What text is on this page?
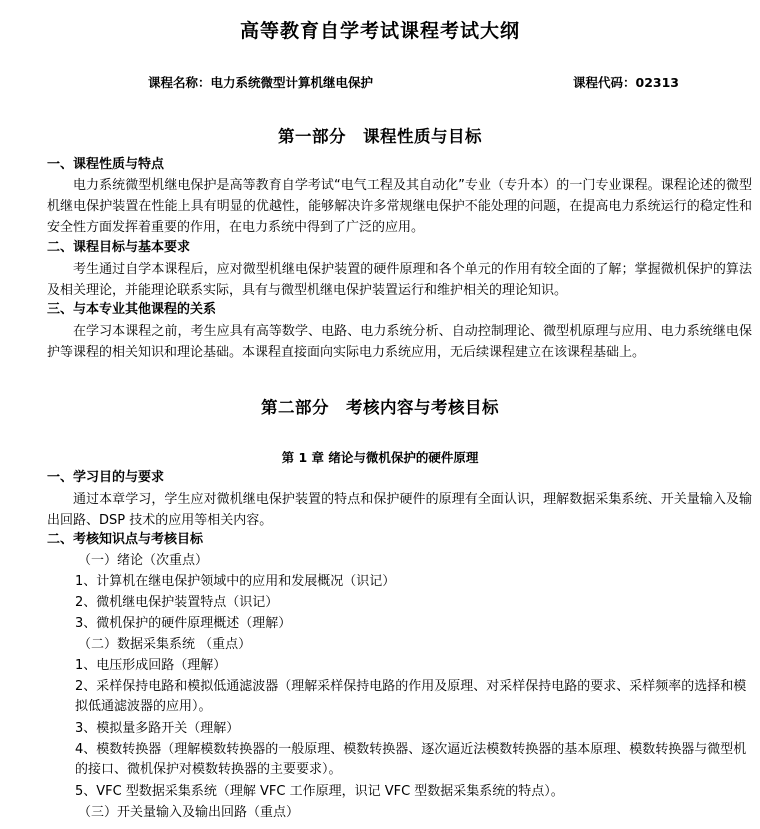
高等教育自学考试课程考试大纲
课程名称：电力系统微型计算机继电保护	课程代码：02313
第一部分　课程性质与目标
一、课程性质与特点
电力系统微型机继电保护是高等教育自学考试“电气工程及其自动化”专业（专升本）的一门专业课程。课程论述的微型机继电保护装置在性能上具有明显的优越性，能够解决许多常规继电保护不能处理的问题，在提高电力系统运行的稳定性和安全性方面发挥着重要的作用，在电力系统中得到了广泛的应用。
二、课程目标与基本要求
考生通过自学本课程后，应对微型机继电保护装置的硬件原理和各个单元的作用有较全面的了解；掌握微机保护的算法及相关理论，并能理论联系实际，具有与微型机继电保护装置运行和维护相关的理论知识。
三、与本专业其他课程的关系
在学习本课程之前，考生应具有高等数学、电路、电力系统分析、自动控制理论、微型机原理与应用、电力系统继电保护等课程的相关知识和理论基础。本课程直接面向实际电力系统应用，无后续课程建立在该课程基础上。
第二部分　考核内容与考核目标
第 1 章 绪论与微机保护的硬件原理
一、学习目的与要求
通过本章学习，学生应对微机继电保护装置的特点和保护硬件的原理有全面认识，理解数据采集系统、开关量输入及输出回路、DSP 技术的应用等相关内容。
二、考核知识点与考核目标
（一）绪论（次重点）
1、计算机在继电保护领域中的应用和发展概况（识记）
2、微机继电保护装置特点（识记）
3、微机保护的硬件原理概述（理解）
（二）数据采集系统 （重点）
1、电压形成回路（理解）
2、采样保持电路和模拟低通滤波器（理解采样保持电路的作用及原理、对采样保持电路的要求、采样频率的选择和模拟低通滤波器的应用）。
3、模拟量多路开关（理解）
4、模数转换器（理解模数转换器的一般原理、模数转换器、逐次逼近法模数转换器的基本原理、模数转换器与微型机的接口、微机保护对模数转换器的主要要求）。
5、VFC 型数据采集系统（理解 VFC 工作原理，识记 VFC 型数据采集系统的特点）。
（三）开关量输入及输出回路（重点）
